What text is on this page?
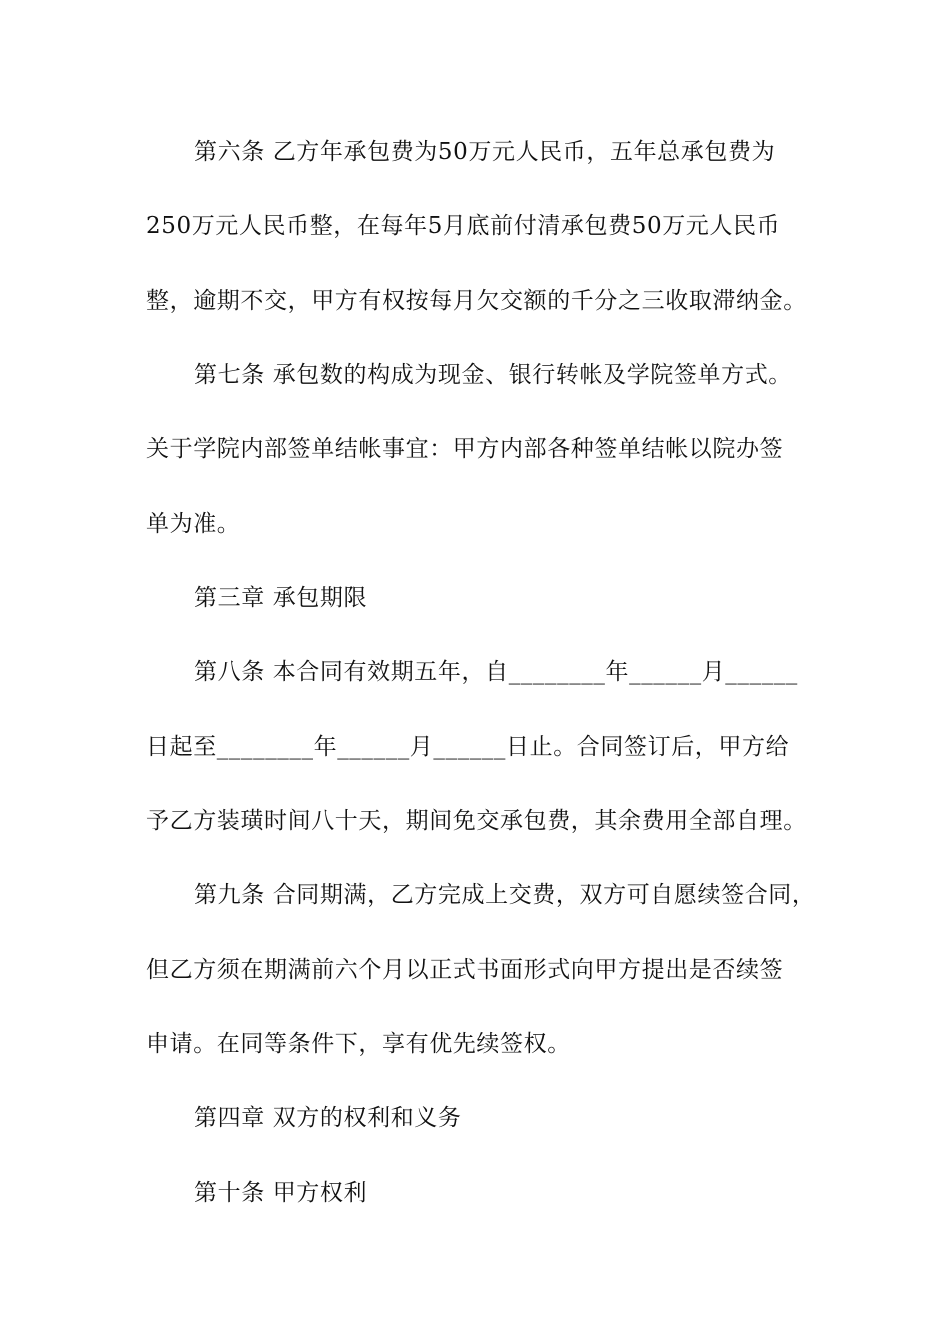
第六条 乙方年承包费为50万元人民币，五年总承包费为
250万元人民币整，在每年5月底前付清承包费50万元人民币
整，逾期不交，甲方有权按每月欠交额的千分之三收取滞纳金。
第七条 承包数的构成为现金、银行转帐及学院签单方式。
关于学院内部签单结帐事宜：甲方内部各种签单结帐以院办签
单为准。
第三章 承包期限
第八条 本合同有效期五年，自________年______月______
日起至________年______月______日止。合同签订后，甲方给
予乙方装璜时间八十天，期间免交承包费，其余费用全部自理。
第九条 合同期满，乙方完成上交费，双方可自愿续签合同，
但乙方须在期满前六个月以正式书面形式向甲方提出是否续签
申请。在同等条件下，享有优先续签权。
第四章 双方的权利和义务
第十条 甲方权利
